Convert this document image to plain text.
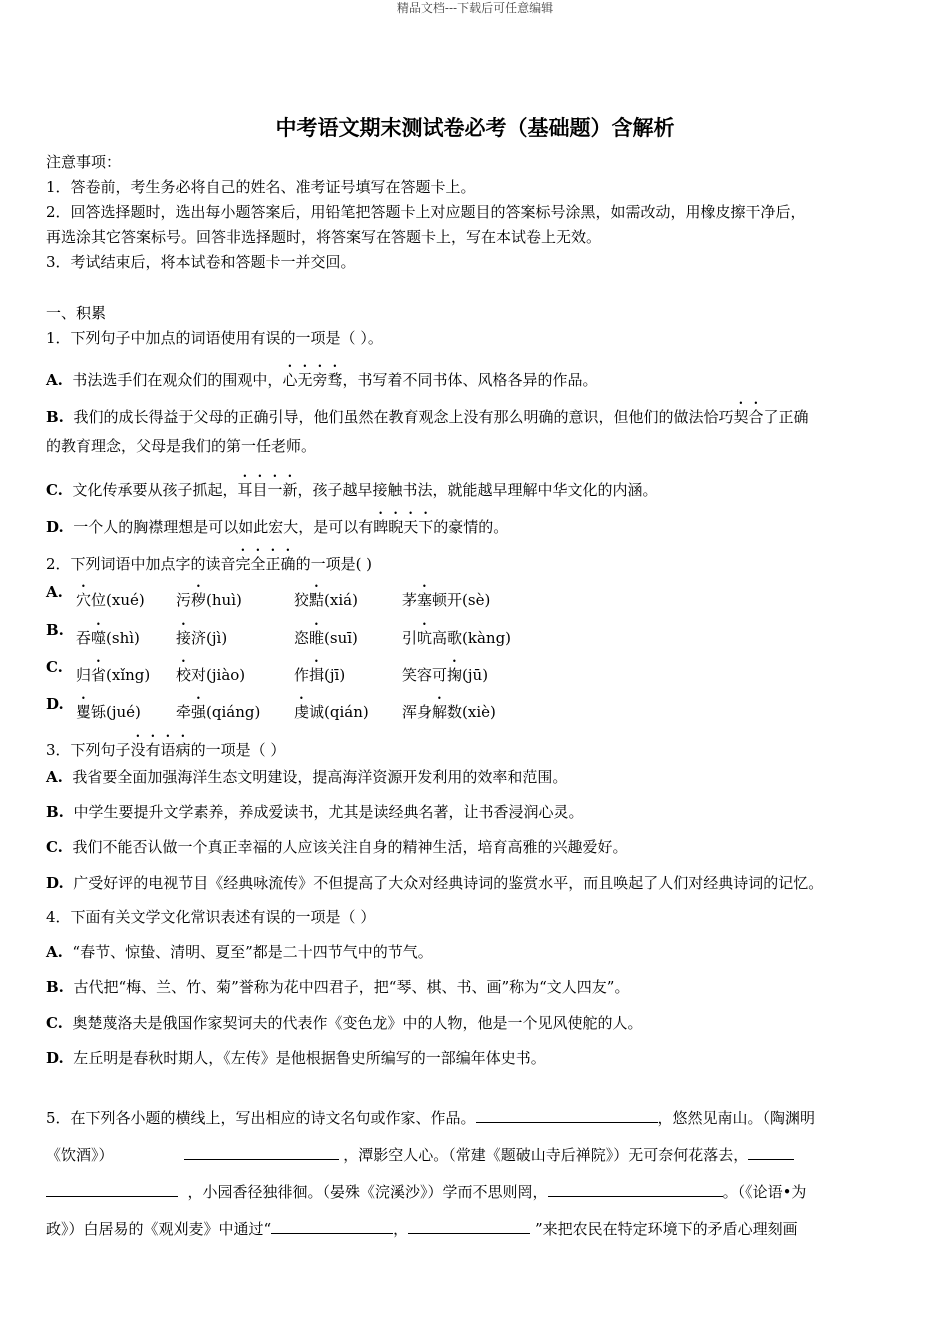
精品文档---下载后可任意编辑
中考语文期末测试卷必考（基础题）含解析
注意事项：
1．答卷前，考生务必将自己的姓名、准考证号填写在答题卡上。
2．回答选择题时，选出每小题答案后，用铅笔把答题卡上对应题目的答案标号涂黑，如需改动，用橡皮擦干净后，
再选涂其它答案标号。回答非选择题时，将答案写在答题卡上，写在本试卷上无效。
3．考试结束后，将本试卷和答题卡一并交回。
一、积累
1．下列句子中加点的词语使用有误的一项是（ ）。
A. 书法选手们在观众们的围观中，心无旁骛，书写着不同书体、风格各异的作品。
B. 我们的成长得益于父母的正确引导，他们虽然在教育观念上没有那么明确的意识，但他们的做法恰巧契合了正确
的教育理念，父母是我们的第一任老师。
C. 文化传承要从孩子抓起，耳目一新，孩子越早接触书法，就能越早理解中华文化的内涵。
D. 一个人的胸襟理想是可以如此宏大，是可以有睥睨天下的豪情的。
2．下列词语中加点字的读音完全正确的一项是( )
A. 穴位(xué) 污秽(huì)	狡黠(xiá)	茅塞顿开(sè)
B. 吞噬(shì) 接济(jì)	恣睢(suī)	引吭高歌(kàng)
C. 归省(xǐng) 校对(jiào)	作揖(jī)	笑容可掬(jū)
D. 矍铄(jué) 牵强(qiáng) 虔诚(qián) 浑身解数(xiè)
3．下列句子没有语病的一项是（ ）
A. 我省要全面加强海洋生态文明建设，提高海洋资源开发利用的效率和范围。
B. 中学生要提升文学素养，养成爱读书，尤其是读经典名著，让书香浸润心灵。
C. 我们不能否认做一个真正幸福的人应该关注自身的精神生活，培育高雅的兴趣爱好。
D. 广受好评的电视节目《经典咏流传》不但提高了大众对经典诗词的鉴赏水平，而且唤起了人们对经典诗词的记忆。
4．下面有关文学文化常识表述有误的一项是（ ）
A. “春节、惊蛰、清明、夏至”都是二十四节气中的节气。
B. 古代把“梅、兰、竹、菊”誉称为花中四君子，把“琴、棋、书、画”称为“文人四友”。
C. 奥楚蔑洛夫是俄国作家契诃夫的代表作《变色龙》中的人物，他是一个见风使舵的人。
D. 左丘明是春秋时期人，《左传》是他根据鲁史所编写的一部编年体史书。
5．在下列各小题的横线上，写出相应的诗文名句或作家、作品。	，悠然见南山。（陶渊明
《饮酒》）	，潭影空人心。（常建《题破山寺后禅院》）无可奈何花落去，
，小园香径独徘徊。（晏殊《浣溪沙》）学而不思则罔，	。（《论语•为
政》）白居易的《观刈麦》中通过“	，	”来把农民在特定环境下的矛盾心理刻画
